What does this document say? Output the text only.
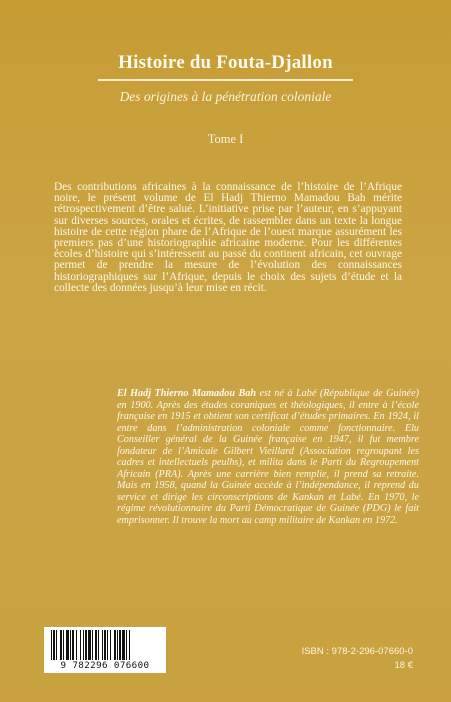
Histoire du Fouta-Djallon
Des origines à la pénétration coloniale
Tome I

Des contributions africaines à la connaissance de l’histoire de l’Afrique noire, le présent volume de El Hadj Thierno Mamadou Bah mérite rétrospectivement d’être salué. L’initiative prise par l’auteur, en s’appuyant sur diverses sources, orales et écrites, de rassembler dans un texte la longue histoire de cette région phare de l’Afrique de l’ouest marque assurément les premiers pas d’une historiographie africaine moderne. Pour les différentes écoles d’histoire qui s’intéressent au passé du continent africain, cet ouvrage permet de prendre la mesure de l’évolution des connaissances historiographiques sur l’Afrique, depuis le choix des sujets d’étude et la collecte des données jusqu’à leur mise en récit.

El Hadj Thierno Mamadou Bah est né à Labé (République de Guinée) en 1900. Après des études coraniques et théologiques, il entre à l’école française en 1915 et obtient son certificat d’études primaires. En 1924, il entre dans l’administration coloniale comme fonctionnaire. Elu Conseiller général de la Guinée française en 1947, il fut membre fondateur de l’Amicale Gilbert Vieillard (Association regroupant les cadres et intellectuels peulhs), et milita dans le Parti du Regroupement Africain (PRA). Après une carrière bien remplie, il prend sa retraite. Mais en 1958, quand la Guinée accède à l’indépendance, il reprend du service et dirige les circonscriptions de Kankan et Labé. En 1970, le régime révolutionnaire du Parti Démocratique de Guinée (PDG) le fait emprisonner. Il trouve la mort au camp militaire de Kankan en 1972.

9 782296 076600
ISBN : 978-2-296-07660-0
18 €
